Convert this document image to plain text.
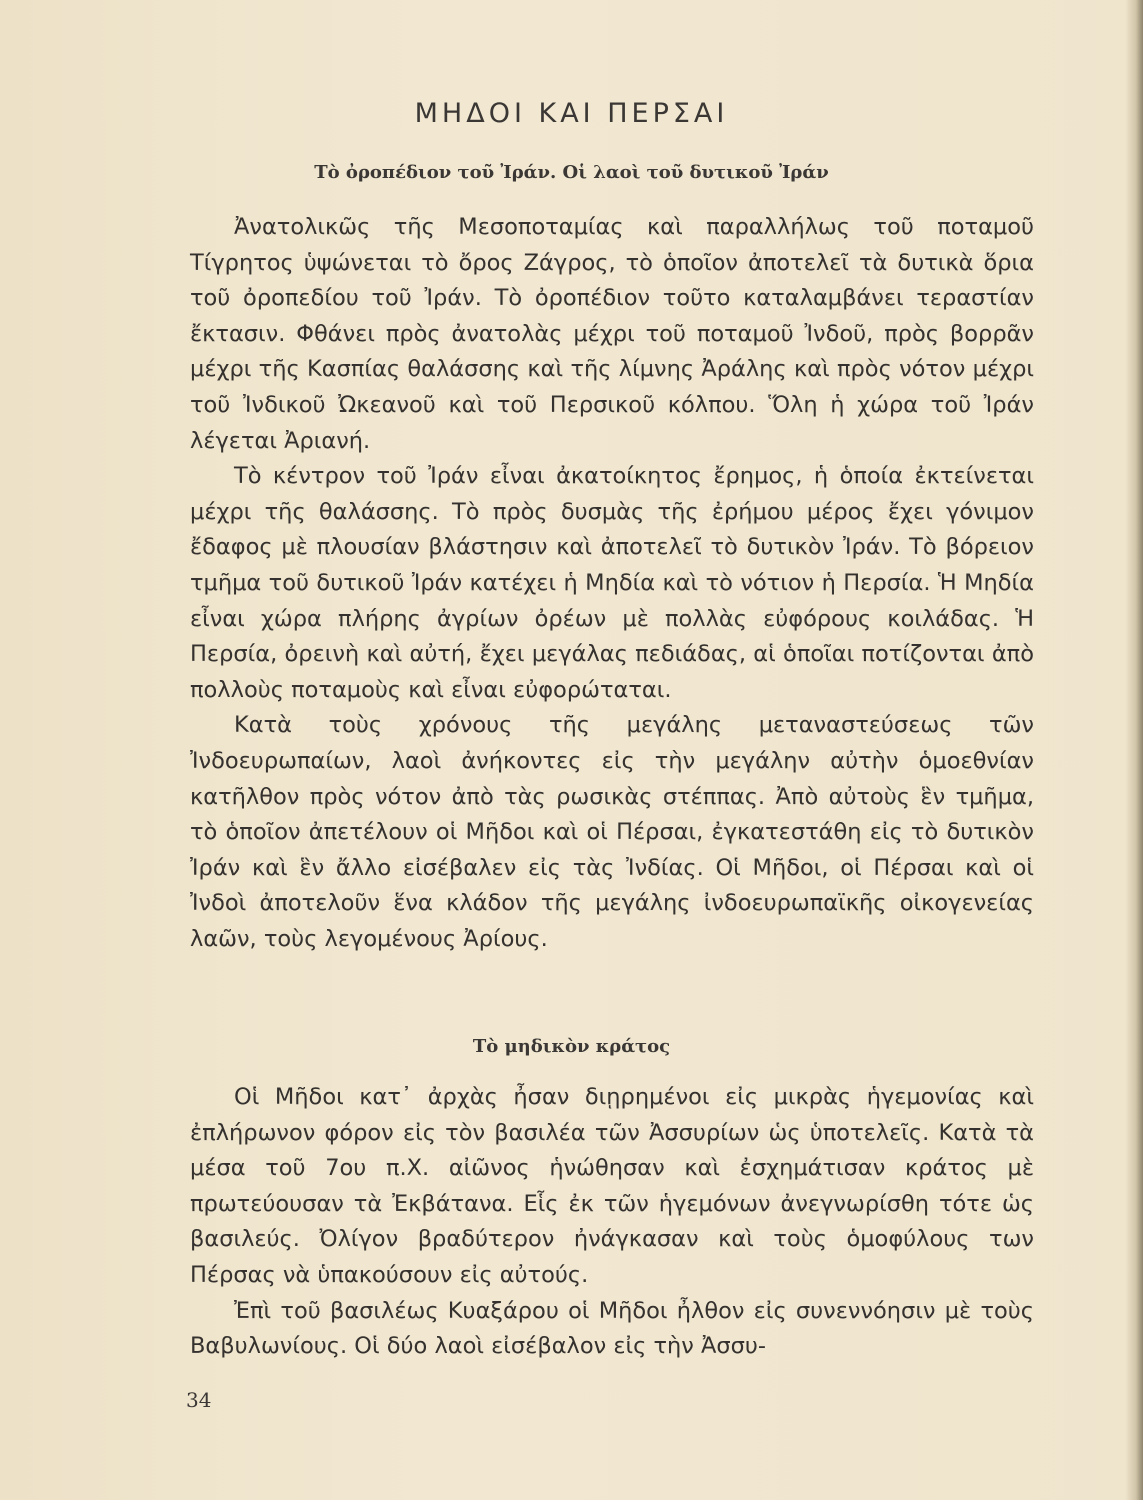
ΜΗΔΟΙ ΚΑΙ ΠΕΡΣΑΙ
Τὸ ὀροπέδιον τοῦ Ἰράν. Οἱ λαοὶ τοῦ δυτικοῦ Ἰράν

Ἀνατολικῶς τῆς Μεσοποταμίας καὶ παραλλήλως τοῦ ποταμοῦ Τίγρητος ὑψώνεται τὸ ὄρος Ζάγρος, τὸ ὁποῖον ἀποτελεῖ τὰ δυτικὰ ὅρια τοῦ ὀροπεδίου τοῦ Ἰράν. Τὸ ὀροπέδιον τοῦτο καταλαμβάνει τεραστίαν ἔκτασιν. Φθάνει πρὸς ἀνατολὰς μέχρι τοῦ ποταμοῦ Ἰνδοῦ, πρὸς βορρᾶν μέχρι τῆς Κασπίας θαλάσσης καὶ τῆς λίμνης Ἀράλης καὶ πρὸς νότον μέχρι τοῦ Ἰνδικοῦ Ὠκεανοῦ καὶ τοῦ Περσικοῦ κόλπου. Ὅλη ἡ χώρα τοῦ Ἰράν λέγεται Ἀριανή.

Τὸ κέντρον τοῦ Ἰράν εἶναι ἀκατοίκητος ἔρημος, ἡ ὁποία ἐκτείνεται μέχρι τῆς θαλάσσης. Τὸ πρὸς δυσμὰς τῆς ἐρήμου μέρος ἔχει γόνιμον ἔδαφος μὲ πλουσίαν βλάστησιν καὶ ἀποτελεῖ τὸ δυτικὸν Ἰράν. Τὸ βόρειον τμῆμα τοῦ δυτικοῦ Ἰράν κατέχει ἡ Μηδία καὶ τὸ νότιον ἡ Περσία. Ἡ Μηδία εἶναι χώρα πλήρης ἀγρίων ὀρέων μὲ πολλὰς εὐφόρους κοιλάδας. Ἡ Περσία, ὀρεινὴ καὶ αὐτή, ἔχει μεγάλας πεδιάδας, αἱ ὁποῖαι ποτίζονται ἀπὸ πολλοὺς ποταμοὺς καὶ εἶναι εὐφορώταται.

Κατὰ τοὺς χρόνους τῆς μεγάλης μεταναστεύσεως τῶν Ἰνδοευρωπαίων, λαοὶ ἀνήκοντες εἰς τὴν μεγάλην αὐτὴν ὁμοεθνίαν κατῆλθον πρὸς νότον ἀπὸ τὰς ρωσικὰς στέππας. Ἀπὸ αὐτοὺς ἓν τμῆμα, τὸ ὁποῖον ἀπετέλουν οἱ Μῆδοι καὶ οἱ Πέρσαι, ἐγκατεστάθη εἰς τὸ δυτικὸν Ἰράν καὶ ἓν ἄλλο εἰσέβαλεν εἰς τὰς Ἰνδίας. Οἱ Μῆδοι, οἱ Πέρσαι καὶ οἱ Ἰνδοὶ ἀποτελοῦν ἕνα κλάδον τῆς μεγάλης ἰνδοευρωπαϊκῆς οἰκογενείας λαῶν, τοὺς λεγομένους Ἀρίους.

Τὸ μηδικὸν κράτος

Οἱ Μῆδοι κατ᾽ ἀρχὰς ἦσαν διῃρημένοι εἰς μικρὰς ἡγεμονίας καὶ ἐπλήρωνον φόρον εἰς τὸν βασιλέα τῶν Ἀσσυρίων ὡς ὑποτελεῖς. Κατὰ τὰ μέσα τοῦ 7ου π.Χ. αἰῶνος ἡνώθησαν καὶ ἐσχημάτισαν κράτος μὲ πρωτεύουσαν τὰ Ἐκβάτανα. Εἷς ἐκ τῶν ἡγεμόνων ἀνεγνωρίσθη τότε ὡς βασιλεύς. Ὀλίγον βραδύτερον ἠνάγκασαν καὶ τοὺς ὁμοφύλους των Πέρσας νὰ ὑπακούσουν εἰς αὐτούς.

Ἐπὶ τοῦ βασιλέως Κυαξάρου οἱ Μῆδοι ἦλθον εἰς συνεννόησιν μὲ τοὺς Βαβυλωνίους. Οἱ δύο λαοὶ εἰσέβαλον εἰς τὴν Ἀσσυ-

34
